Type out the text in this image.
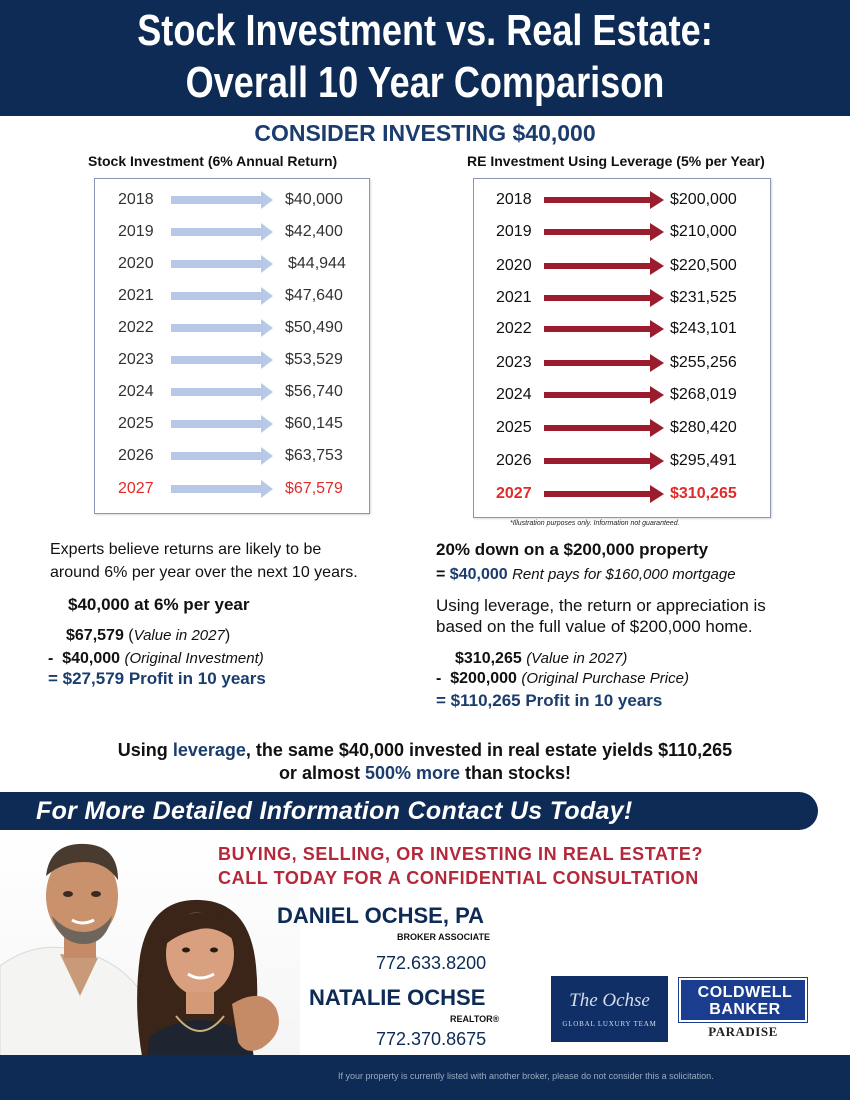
Stock Investment vs. Real Estate:
Overall 10 Year Comparison
CONSIDER INVESTING $40,000
Stock Investment (6% Annual Return)	RE Investment Using Leverage (5% per Year)
2018	$40,000
2019	$42,400
2020	$44,944
2021	$47,640
2022	$50,490
2023	$53,529
2024	$56,740
2025	$60,145
2026	$63,753
2027	$67,579
2018	$200,000
2019	$210,000
2020	$220,500
2021	$231,525
2022	$243,101
2023	$255,256
2024	$268,019
2025	$280,420
2026	$295,491
2027	$310,265
*Illustration purposes only. Information not guaranteed.
Experts believe returns are likely to be
around 6% per year over the next 10 years.
$40,000 at 6% per year
$67,579 (Value in 2027)
-  $40,000 (Original Investment)
= $27,579 Profit in 10 years
20% down on a $200,000 property
= $40,000 Rent pays for $160,000 mortgage
Using leverage, the return or appreciation is
based on the full value of $200,000 home.
$310,265 (Value in 2027)
-  $200,000 (Original Purchase Price)
= $110,265 Profit in 10 years
Using leverage, the same $40,000 invested in real estate yields $110,265
or almost 500% more than stocks!
For More Detailed Information Contact Us Today!
BUYING, SELLING, OR INVESTING IN REAL ESTATE?
CALL TODAY FOR A CONFIDENTIAL CONSULTATION
DANIEL OCHSE, PA
BROKER ASSOCIATE
772.633.8200
NATALIE OCHSE
REALTOR®
772.370.8675
The Ochse
GLOBAL LUXURY TEAM
COLDWELL
BANKER
PARADISE
If your property is currently listed with another broker, please do not consider this a solicitation.
